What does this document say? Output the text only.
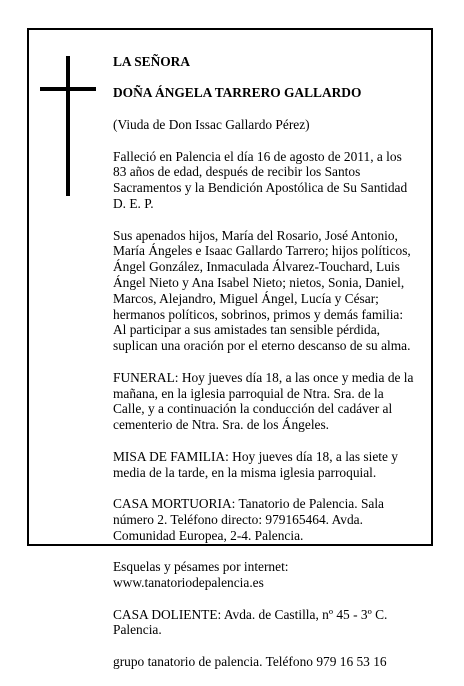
LA SEÑORA

DOÑA ÁNGELA TARRERO GALLARDO

(Viuda de Don Issac Gallardo Pérez)

Falleció en Palencia el día 16 de agosto de 2011, a los
83 años de edad, después de recibir los Santos
Sacramentos y la Bendición Apostólica de Su Santidad
D. E. P.

Sus apenados hijos, María del Rosario, José Antonio,
María Ángeles e Isaac Gallardo Tarrero; hijos políticos,
Ángel González, Inmaculada Álvarez-Touchard, Luis
Ángel Nieto y Ana Isabel Nieto; nietos, Sonia, Daniel,
Marcos, Alejandro, Miguel Ángel, Lucía y César;
hermanos políticos, sobrinos, primos y demás familia:
Al participar a sus amistades tan sensible pérdida,
suplican una oración por el eterno descanso de su alma.

FUNERAL: Hoy jueves día 18, a las once y media de la
mañana, en la iglesia parroquial de Ntra. Sra. de la
Calle, y a continuación la conducción del cadáver al
cementerio de Ntra. Sra. de los Ángeles.

MISA DE FAMILIA: Hoy jueves día 18, a las siete y
media de la tarde, en la misma iglesia parroquial.

CASA MORTUORIA: Tanatorio de Palencia. Sala
número 2. Teléfono directo: 979165464. Avda.
Comunidad Europea, 2-4. Palencia.

Esquelas y pésames por internet:
www.tanatoriodepalencia.es

CASA DOLIENTE: Avda. de Castilla, nº 45 - 3º C.
Palencia.

grupo tanatorio de palencia. Teléfono 979 16 53 16
